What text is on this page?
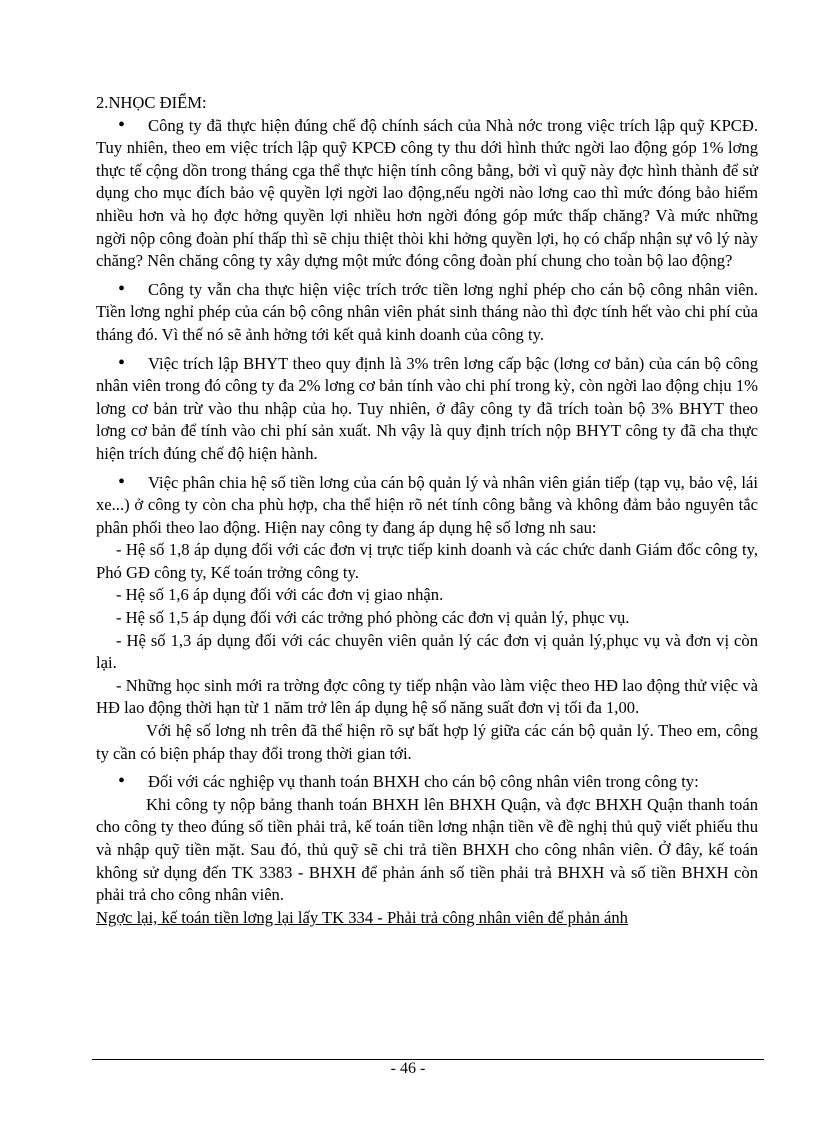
2.NHỌC ĐIỂM:

•	Công ty đã thực hiện đúng chế độ chính sách của Nhà nớc trong việc trích lập quỹ KPCĐ. Tuy nhiên, theo em việc trích lập quỹ KPCĐ công ty thu dới hình thức ngời lao động góp 1% lơng thực tế cộng dồn trong tháng cga thể thực hiện tính công bằng, bởi vì quỹ này đợc hình thành để sử dụng cho mục đích bảo vệ quyền lợi ngời lao động,nếu ngời nào lơng cao thì mức đóng bảo hiểm nhiều hơn và họ đợc hởng quyền lợi nhiều hơn ngời đóng góp mức thấp chăng? Và mức những ngời nộp công đoàn phí thấp thì sẽ chịu thiệt thòi khi hởng quyền lợi, họ có chấp nhận sự vô lý này chăng? Nên chăng công ty xây dựng một mức đóng công đoàn phí chung cho toàn bộ lao động?

•	Công ty vẫn cha thực hiện việc trích trớc tiền lơng nghỉ phép cho cán bộ công nhân viên. Tiền lơng nghỉ phép của cán bộ công nhân viên phát sinh tháng nào thì đợc tính hết vào chi phí của tháng đó. Vì thế nó sẽ ảnh hởng tới kết quả kinh doanh của công ty.

•	Việc trích lập BHYT theo quy định là 3% trên lơng cấp bậc (lơng cơ bản) của cán bộ công nhân viên trong đó công ty đa 2% lơng cơ bản tính vào chi phí trong kỳ, còn ngời lao động chịu 1% lơng cơ bản trừ vào thu nhập của họ. Tuy nhiên, ở đây công ty đã trích toàn bộ 3% BHYT theo lơng cơ bản để tính vào chi phí sản xuất. Nh vậy là quy định trích nộp BHYT công ty đã cha thực hiện trích đúng chế độ hiện hành.

•	Việc phân chia hệ số tiền lơng của cán bộ quản lý và nhân viên gián tiếp (tạp vụ, bảo vệ, lái xe...) ở công ty còn cha phù hợp, cha thể hiện rõ nét tính công bằng và không đảm bảo nguyên tắc phân phối theo lao động. Hiện nay công ty đang áp dụng hệ số lơng nh sau:

- Hệ số 1,8 áp dụng đối với các đơn vị trực tiếp kinh doanh và các chức danh Giám đốc công ty, Phó GĐ công ty, Kế toán trởng công ty.

- Hệ số 1,6 áp dụng đối với các đơn vị giao nhận.

- Hệ số 1,5 áp dụng đối với các trởng phó phòng các đơn vị quản lý, phục vụ.

- Hệ số 1,3 áp dụng đối với các chuyên viên quản lý các đơn vị quản lý,phục vụ và đơn vị còn lại.

- Những học sinh mới ra trờng đợc công ty tiếp nhận vào làm việc theo HĐ lao động thử việc và HĐ lao động thời hạn từ 1 năm trở lên áp dụng hệ số năng suất đơn vị tối đa 1,00.

Với hệ số lơng nh trên đã thể hiện rõ sự bất hợp lý giữa các cán bộ quản lý. Theo em, công ty cần có biện pháp thay đổi trong thời gian tới.

•	Đối với các nghiệp vụ thanh toán BHXH cho cán bộ công nhân viên trong công ty:

Khi công ty nộp bảng thanh toán BHXH lên BHXH Quận, và đợc BHXH Quận thanh toán cho công ty theo đúng số tiền phải trả, kế toán tiền lơng nhận tiền về đề nghị thủ quỹ viết phiếu thu và nhập quỹ tiền mặt. Sau đó, thủ quỹ sẽ chi trả tiền BHXH cho công nhân viên. Ở đây, kế toán không sử dụng đến TK 3383 - BHXH để phản ánh số tiền phải trả BHXH và số tiền BHXH còn phải trả cho công nhân viên.

Ngợc lại, kế toán tiền lơng lại lấy TK 334 - Phải trả công nhân viên để phản ánh

- 46 -
